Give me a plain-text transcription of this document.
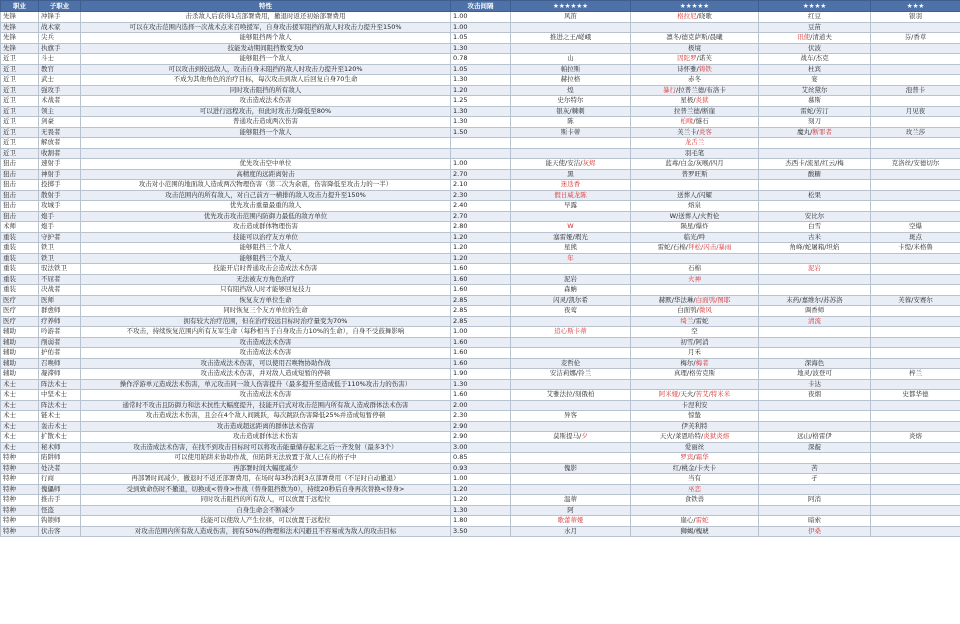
职业	子职业	特性	攻击间隔	★★★★★★	★★★★★	★★★★	★★★
先锋	冲锋手	击杀敌人后获得1点部署费用，撤退时返还初始部署费用	1.00	风笛	格拉尼/晓歌	红豆	银羽
先锋	战术家	可以在攻击范围内选择一次战术点来召唤援军，自身攻击援军阻挡的敌人时攻击力提升至150%	1.00			豆苗	
先锋	尖兵	能够阻挡两个敌人	1.05	推进之王/嵯峨	凛冬/德克萨斯/晨曦	讯使/清道夫	芬/香草
先锋	执旗手	技能发动期间阻挡数变为0	1.30		极境	伏波	
近卫	斗士	能够阻挡一个敌人	0.78	山	因陀罗/诺芙	战车/杰克	
近卫	教官	可以攻击到较远敌人，攻击自身未阻挡的敌人时攻击力提升至120%	1.05	帕拉斯	诗怀雅/铸铁	杜宾	
近卫	武士	不成为其他角色的治疗目标，每次攻击到敌人后回复自身70生命	1.30	赫拉格	赤冬	宴	
近卫	强攻手	同时攻击阻挡的所有敌人	1.20	煌	暴行/拉普兰德/布洛卡	艾丝黛尔	泡普卡
近卫	术战者	攻击造成法术伤害	1.25	史尔特尔	星极/炎狱	慕斯	
近卫	领主	可以进行远程攻击，但此时攻击力降低至80%	1.30	银灰/棘刺	拉普兰德/断崖	雷蛇/芳汀	月见夜
近卫	剑豪	普通攻击造成两次伤害	1.30	陈	柏喙/燧石	刻刀	
近卫	无畏者	能够阻挡一个敌人	1.50	斯卡蒂	芙兰卡/炎客	魔丸/断罪者	玫兰莎
近卫	解放者				龙舌兰		
近卫	收割者				羽毛笔		
狙击	速射手	优先攻击空中单位	1.00	能天使/安洁/灰烬	蓝毒/白金/灰喉/四月	杰西卡/流星/红云/梅	克洛丝/安德切尔
狙击	神射手	高精度的远距离射击	2.70	黑	普罗旺斯	酸糖	
狙击	投掷手	攻击对小范围的地面敌人造成两次物理伤害（第二次为余震，伤害降低至攻击力的一半）	2.10	迷迭香			
狙击	散射手	攻击范围内的所有敌人，对自己前方一横排的敌人攻击力提升至150%	2.30	假日威龙陈	送葬人/闪耀	松果	
狙击	攻城手	优先攻击重量最重的敌人	2.40	早露	熔泉		
狙击	炮手	优先攻击攻击范围内防御力最低的敌方单位	2.70		W/送葬人/火哲伦	安比尔	
术师	炮手	攻击造成群体物理伤害	2.80	W	陨星/爆炸	白雪	空爆
重装	守护者	技能可以治疗友方单位	1.20	塞雷娅/瑕光	临光/吽	古米	斑点
重装	铁卫	能够阻挡三个敌人	1.20	星熊	雷蛇/石棉/拜松/闪击/暴雨	角峰/蛇屠箱/坦焰	卡缇/米格鲁
重装	铁卫	能够阻挡三个敌人	1.20	年			
重装	驭法铁卫	技能开启时普通攻击会造成法术伤害	1.60		石棉	泥岩	
重装	不屈者	无法被友方角色治疗	1.60	泥岩	火神		
重装	决战者	只有阻挡敌人时才能够回复技力	1.60	森蚺			
医疗	医师	恢复友方单位生命	2.85	闪灵/凯尔希	赫默/华法琳/白面鸮/图耶	末药/嘉维尔/苏苏洛	芙蓉/安赛尔
医疗	群愈师	同时恢复三个友方单位的生命	2.85	夜莺	白面鸮/微风	调香师	
医疗	疗养师	拥有较大治疗范围，但在治疗较远目标时治疗量变为70%	2.85		绮兰/雷蛇	清流	
辅助	吟游者	不攻击，持续恢复范围内所有友军生命（每秒相当于自身攻击力10%的生命），自身不受鼓舞影响	1.00	追心斯卡蒂	空		
辅助	削弱者	攻击造成法术伤害	1.60		初雪/阿消		
辅助	护佑者	攻击造成法术伤害	1.60		月禾		
辅助	召唤师	攻击造成法术伤害，可以使用召唤物协助作战	1.60	麦哲伦	梅尔/梅者	深海色	
辅助	凝滞师	攻击造成法术伤害，并对敌人造成短暂的停顿	1.90	安洁莉娜/铃兰	真理/格劳克斯	地灵/波登可	梓兰
术士	阵法术士	操作浮游单元造成法术伤害，单元攻击同一敌人伤害提升（最多提升至造成低于110%攻击力的伤害）	1.30			卡达	
术士	中坚术士	攻击造成法术伤害	1.60	艾雅法拉/刻俄柏	阿米娅/天火/苦艾/特米米	夜烟	史都华德
术士	阵法术士	通常时不攻击且防御力和法术抗性大幅度提升，技能开启式对攻击范围内所有敌人造成群体法术伤害	2.00		卡涅利安		
术士	链术士	攻击造成法术伤害，且会在4个敌人间跳跃，每次跳跃伤害降低25%并造成短暂停顿	2.30	异客	惊蛰		
术士	轰击术士	攻击造成超远距离的群体法术伤害	2.90		伊芙利特		
术士	扩散术士	攻击造成群体法术伤害	2.90	莫斯提马/夕	天火/莱恩哈特/炎狱炎熔	远山/格雷伊	炎熔
术士	秘术师	攻击造成法术伤害，在找不到攻击目标时可以将攻击能量储存起来之后一齐发射（最多3个）	3.00		爱丽丝	深靛	
特种	陷阱师	可以使用陷阱来协助作战，但陷阱无法放置于敌人已在的格子中	0.85		罗宾/霜华		
特种	处决者	再部署时间大幅度减少	0.93	傀影	红/桃金/卡夫卡	苦	
特种	行商	再部署时间减少，撤退时不返还部署费用，在场时每3秒消耗3点部署费用（不足时自动撤退）	1.00		当有	孑	
特种	傀儡师	受到致命伤时不撤退，切换成<替身>作战（替身阻挡数为0），持续20秒后自身再次替换<替身>	1.20		巫恋		
特种	推击手	同时攻击阻挡的所有敌人，可以放置于远程位	1.20	温蒂	食铁兽	阿消	
特种	怪盗	自身生命会不断减少	1.30	阿			
特种	钩锁师	技能可以使敌人产生位移，可以放置于远程位	1.80	歌蕾蒂娅	崖心/雷蛇	暗索	
特种	伏击客	对攻击范围内所有敌人造成伤害，拥有50%的物理和法术闪避且不容易成为敌人的攻击目标	3.50	水月	狮蝎/槐琥	伊桑	
